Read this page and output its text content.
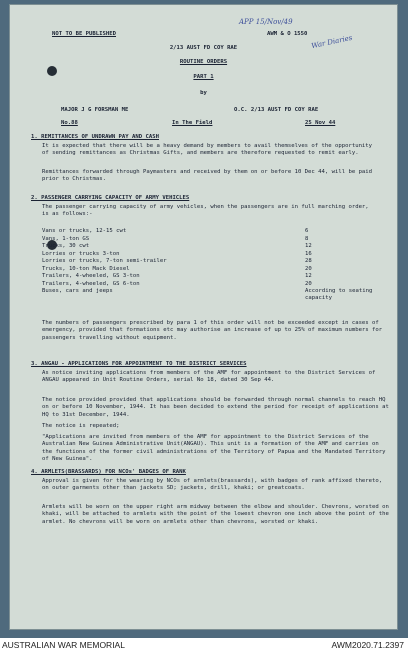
NOT TO BE PUBLISHED	AWM & O 1550
APP 15/Nov/49
War Diaries
2/13 AUST FD COY RAE
ROUTINE ORDERS
PART 1
by
MAJOR J G FORSMAN ME	O.C. 2/13 AUST FD COY RAE
No.88	In The Field	25 Nov 44
1. REMITTANCES OF UNDRAWN PAY AND CASH
It is expected that there will be a heavy demand by members to avail themselves of the opportunity of sending remittances as Christmas Gifts, and members are therefore requested to remit early.
Remittances forwarded through Paymasters and received by them on or before 10 Dec 44, will be paid prior to Christmas.
2. PASSENGER CARRYING CAPACITY OF ARMY VEHICLES
The passenger carrying capacity of army vehicles, when the passengers are in full marching order, is as follows:-
Vans or trucks, 12-15 cwt	6
Vans, 1-ton GS	8
Trucks, 30 cwt	12
Lorries or trucks 3-ton	16
Lorries or trucks, 7-ton semi-trailer	28
Trucks, 10-ton Mack Diesel	20
Trailers, 4-wheeled, GS 3-ton	12
Trailers, 4-wheeled, GS 6-ton	20
Buses, cars and jeeps	According to seating capacity
The numbers of passengers prescribed by para 1 of this order will not be exceeded except in cases of emergency, provided that formations etc may authorise an increase of up to 25% of maximum numbers for passengers travelling without equipment.
3. ANGAU - APPLICATIONS FOR APPOINTMENT TO THE DISTRICT SERVICES
As notice inviting applications from members of the AMF for appointment to the District Services of ANGAU appeared in Unit Routine Orders, serial No 18, dated 30 Sep 44.
The notice provided provided that applications should be forwarded through normal channels to reach HQ on or before 10 November, 1944. It has been decided to extend the period for receipt of applications at HQ to 31st December, 1944.
The notice is repeated;
"Applications are invited from members of the AMF for appointment to the District Services of the Australian New Guinea Administrative Unit(ANGAU). This unit is a formation of the AMF and carries on the functions of the former civil administrations of the Territory of Papua and the Mandated Territory of New Guinea".
4. ARMLETS(BRASSARDS) FOR NCOs' BADGES OF RANK
Approval is given for the wearing by NCOs of armlets(brassards), with badges of rank affixed thereto, on outer garments other than jackets SD; jackets, drill, khaki; or greatcoats.
Armlets will be worn on the upper right arm midway between the elbow and shoulder. Chevrons, worsted on khaki, will be attached to armlets with the point of the lowest chevron one inch above the point of the armlet. No chevrons will be worn on armlets other than chevrons, worsted or khaki.
AUSTRALIAN WAR MEMORIAL	AWM2020.71.2397
